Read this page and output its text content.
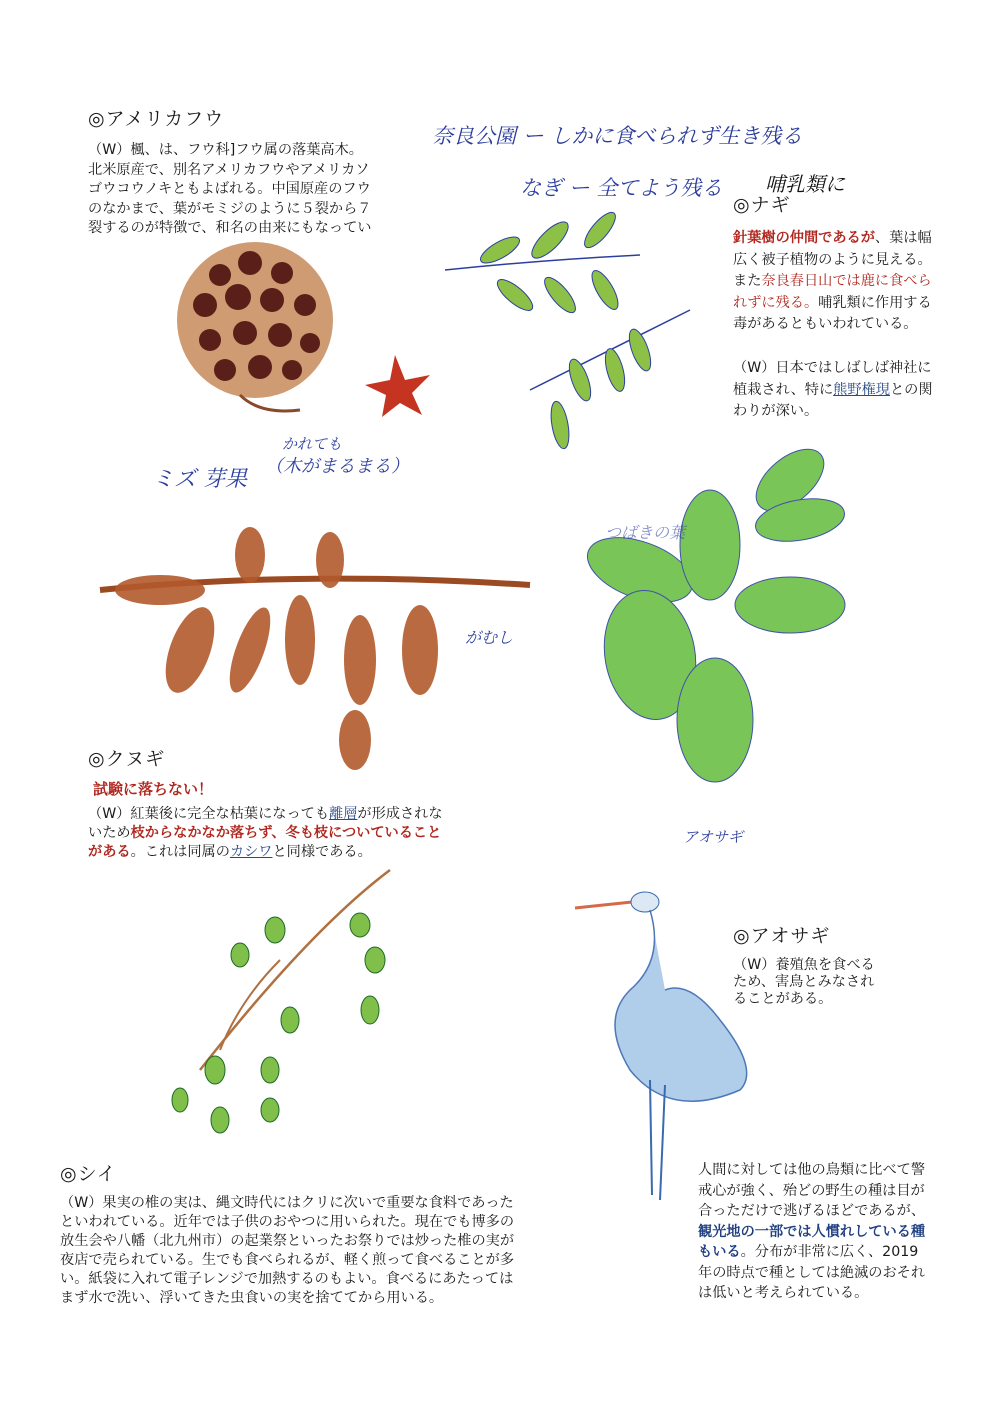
◎アメリカフウ
（W）楓、は、フウ科]フウ属の落葉高木。
北米原産で、別名アメリカフウやアメリカソ
ゴウコウノキともよばれる。中国原産のフウ
のなかまで、葉がモミジのように５裂から７
裂するのが特徴で、和名の由来にもなってい
ミズ 芽果
かれても
（木がまるまる）
奈良公園 ー しかに食べられず生き残る
なぎ ー 全てよう残る 哺乳類に
◎ナギ
針葉樹の仲間であるが、葉は幅広く被子植物のように見える。また奈良春日山では鹿に食べられずに残る。哺乳類に作用する毒があるともいわれている。
（W）日本ではしばしば神社に植栽され、特に熊野権現との関わりが深い。
がむし
つばきの葉
◎クヌギ
試験に落ちない！
（W）紅葉後に完全な枯葉になっても離層が形成されないため枝からなかなか落ちず、冬も枝についていることがある。これは同属のカシワと同様である。
アオサギ
◎アオサギ
（W）養殖魚を食べる
ため、害鳥とみなされ
ることがある。
人間に対しては他の鳥類に比べて警戒心が強く、殆どの野生の種は目が合っただけで逃げるほどであるが、観光地の一部では人慣れしている種もいる。分布が非常に広く、2019 年の時点で種としては絶滅のおそれは低いと考えられている。
◎シイ
（W）果実の椎の実は、縄文時代にはクリに次いで重要な食料であった
といわれている。近年では子供のおやつに用いられた。現在でも博多の
放生会や八幡（北九州市）の起業祭といったお祭りでは炒った椎の実が
夜店で売られている。生でも食べられるが、軽く煎って食べることが多
い。紙袋に入れて電子レンジで加熱するのもよい。食べるにあたっては
まず水で洗い、浮いてきた虫食いの実を捨ててから用いる。
